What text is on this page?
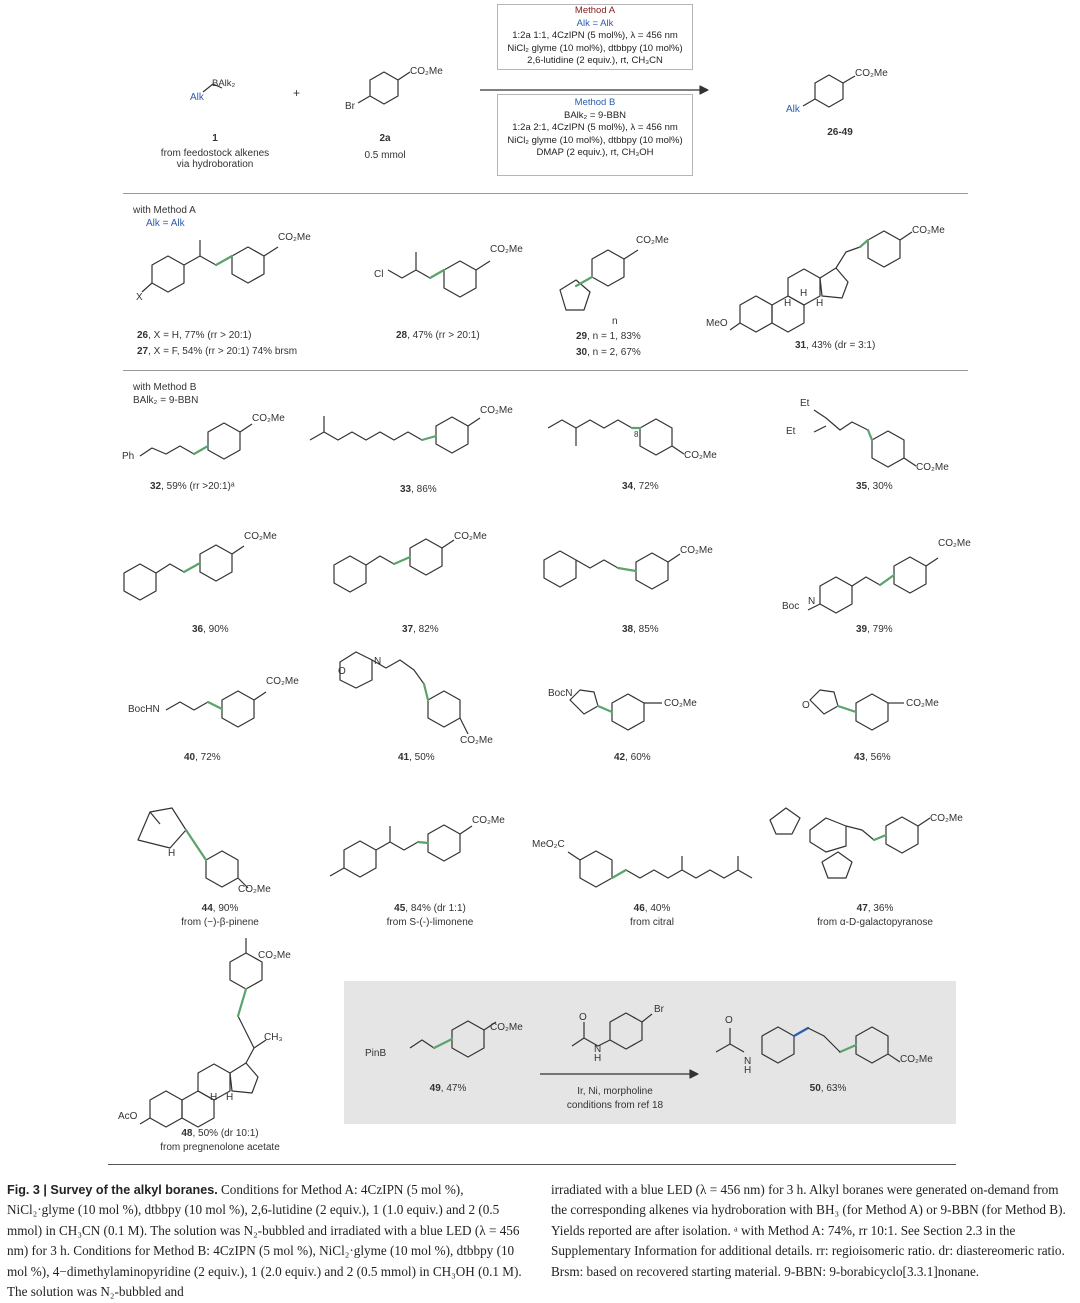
BAlk₂
Alk
1
from feedostock alkenes
via hydroboration
+
Br
CO₂Me
2a
0.5 mmol
Method A
Alk = Alk
1:2a 1:1, 4CzIPN (5 mol%), λ = 456 nm
NiCl₂ glyme (10 mol%), dtbbpy (10 mol%)
2,6-lutidine (2 equiv.), rt, CH₃CN
Method B
BAlk₂ = 9-BBN
1:2a 2:1, 4CzIPN (5 mol%), λ = 456 nm
NiCl₂ glyme (10 mol%), dtbbpy (10 mol%)
DMAP (2 equiv.), rt, CH₃OH
CO₂Me
Alk
26-49
with Method A
Alk = Alk
X
CO₂Me
26, X = H, 77% (rr > 20:1)
27, X = F, 54% (rr > 20:1) 74% brsm
Cl
CO₂Me
28, 47% (rr > 20:1)
CO₂Me
n
29, n = 1, 83%
30, n = 2, 67%
CO₂Me
MeO
H
H H
31, 43% (dr = 3:1)
with Method B
BAlk₂ = 9-BBN
Ph
CO₂Me
32, 59% (rr >20:1)ᵃ
CO₂Me
33, 86%
8
CO₂Me
34, 72%
Et
Et
CO₂Me
35, 30%
CO₂Me
36, 90%
CO₂Me
37, 82%
CO₂Me
38, 85%
N
Boc
CO₂Me
39, 79%
BocHN
CO₂Me
40, 72%
O
N
CO₂Me
41, 50%
BocN
CO₂Me
42, 60%
O	CO₂Me
43, 56%
H
CO₂Me
44, 90%
from (−)-β-pinene
CO₂Me
45, 84% (dr 1:1)
from S-(-)-limonene
MeO₂C
46, 40%
from citral
CO₂Me
47, 36%
from α-D-galactopyranose
CO₂Me
CH₃
AcO
H H
48, 50% (dr 10:1)
from pregnenolone acetate
PinB
CO₂Me
49, 47%
Br
O
N
H
Ir, Ni, morpholine
conditions from ref 18
O
N
H
CO₂Me
50, 63%
Fig. 3 | Survey of the alkyl boranes. Conditions for Method A: 4CzIPN (5 mol %), NiCl₂·glyme (10 mol %), dtbbpy (10 mol %), 2,6-lutidine (2 equiv.), 1 (1.0 equiv.) and 2 (0.5 mmol) in CH₃CN (0.1 M). The solution was N₂-bubbled and irradiated with a blue LED (λ = 456 nm) for 3 h. Conditions for Method B: 4CzIPN (5 mol %), NiCl₂·glyme (10 mol %), dtbbpy (10 mol %), 4−dimethylaminopyridine (2 equiv.), 1 (2.0 equiv.) and 2 (0.5 mmol) in CH₃OH (0.1 M). The solution was N₂-bubbled and
irradiated with a blue LED (λ = 456 nm) for 3 h. Alkyl boranes were generated on-demand from the corresponding alkenes via hydroboration with BH₃ (for Method A) or 9-BBN (for Method B). Yields reported are after isolation. ᵃ with Method A: 74%, rr 10:1. See Section 2.3 in the Supplementary Information for additional details. rr: regioisomeric ratio. dr: diastereomeric ratio. Brsm: based on recovered starting material. 9-BBN: 9-borabicyclo[3.3.1]nonane.
